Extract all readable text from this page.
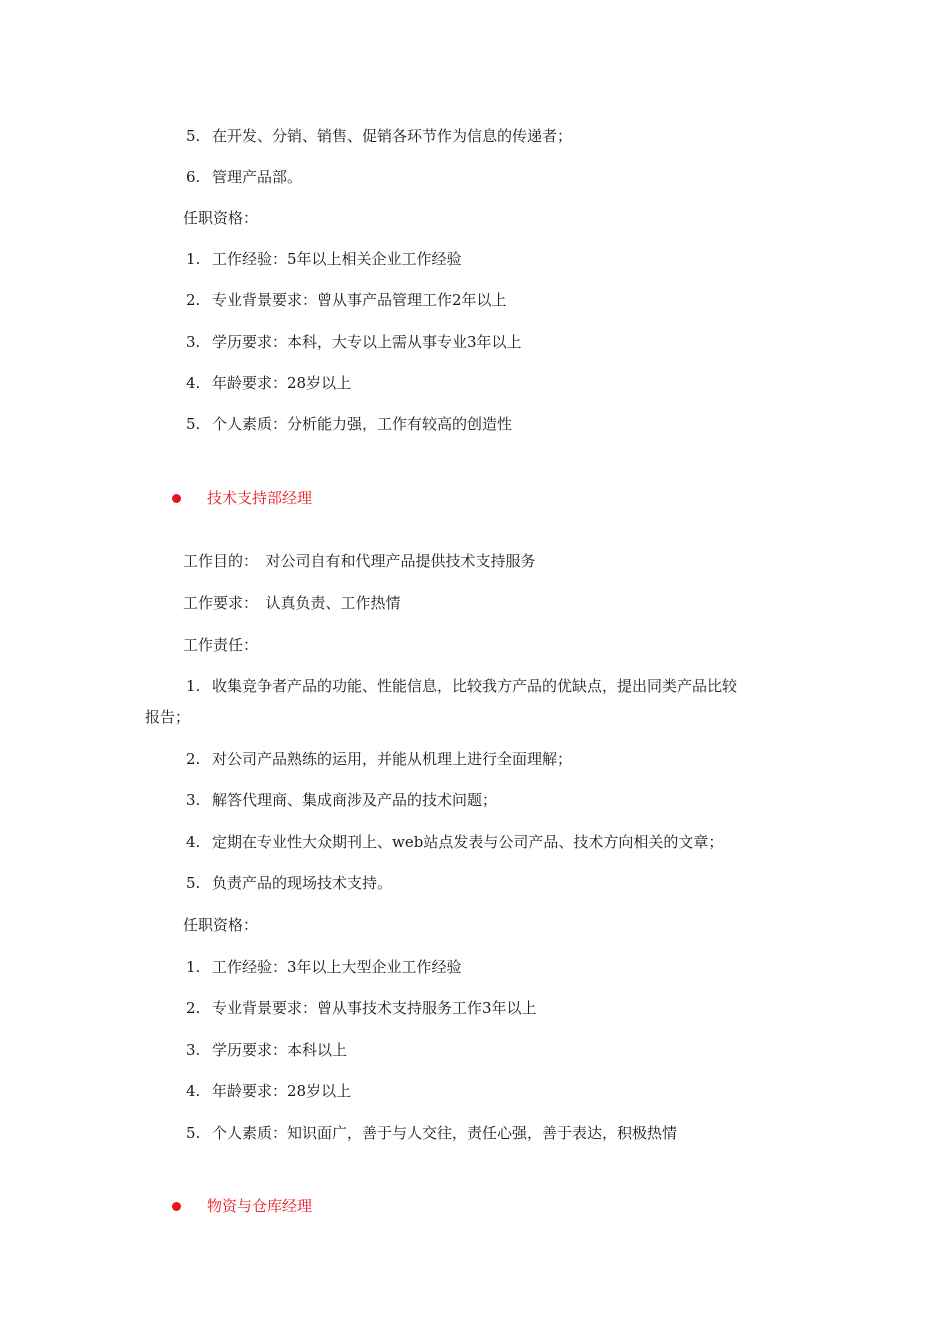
5. 在开发、分销、销售、促销各环节作为信息的传递者；
6. 管理产品部。
任职资格：
1. 工作经验：5年以上相关企业工作经验
2. 专业背景要求：曾从事产品管理工作2年以上
3. 学历要求：本科，大专以上需从事专业3年以上
4. 年龄要求：28岁以上
5. 个人素质：分析能力强，工作有较高的创造性
技术支持部经理
工作目的：　对公司自有和代理产品提供技术支持服务
工作要求：　认真负责、工作热情
工作责任：
1. 收集竞争者产品的功能、性能信息，比较我方产品的优缺点，提出同类产品比较
报告；
2. 对公司产品熟练的运用，并能从机理上进行全面理解；
3. 解答代理商、集成商涉及产品的技术问题；
4. 定期在专业性大众期刊上、web站点发表与公司产品、技术方向相关的文章；
5. 负责产品的现场技术支持。
任职资格：
1. 工作经验：3年以上大型企业工作经验
2. 专业背景要求：曾从事技术支持服务工作3年以上
3. 学历要求：本科以上
4. 年龄要求：28岁以上
5. 个人素质：知识面广，善于与人交往，责任心强，善于表达，积极热情
物资与仓库经理
